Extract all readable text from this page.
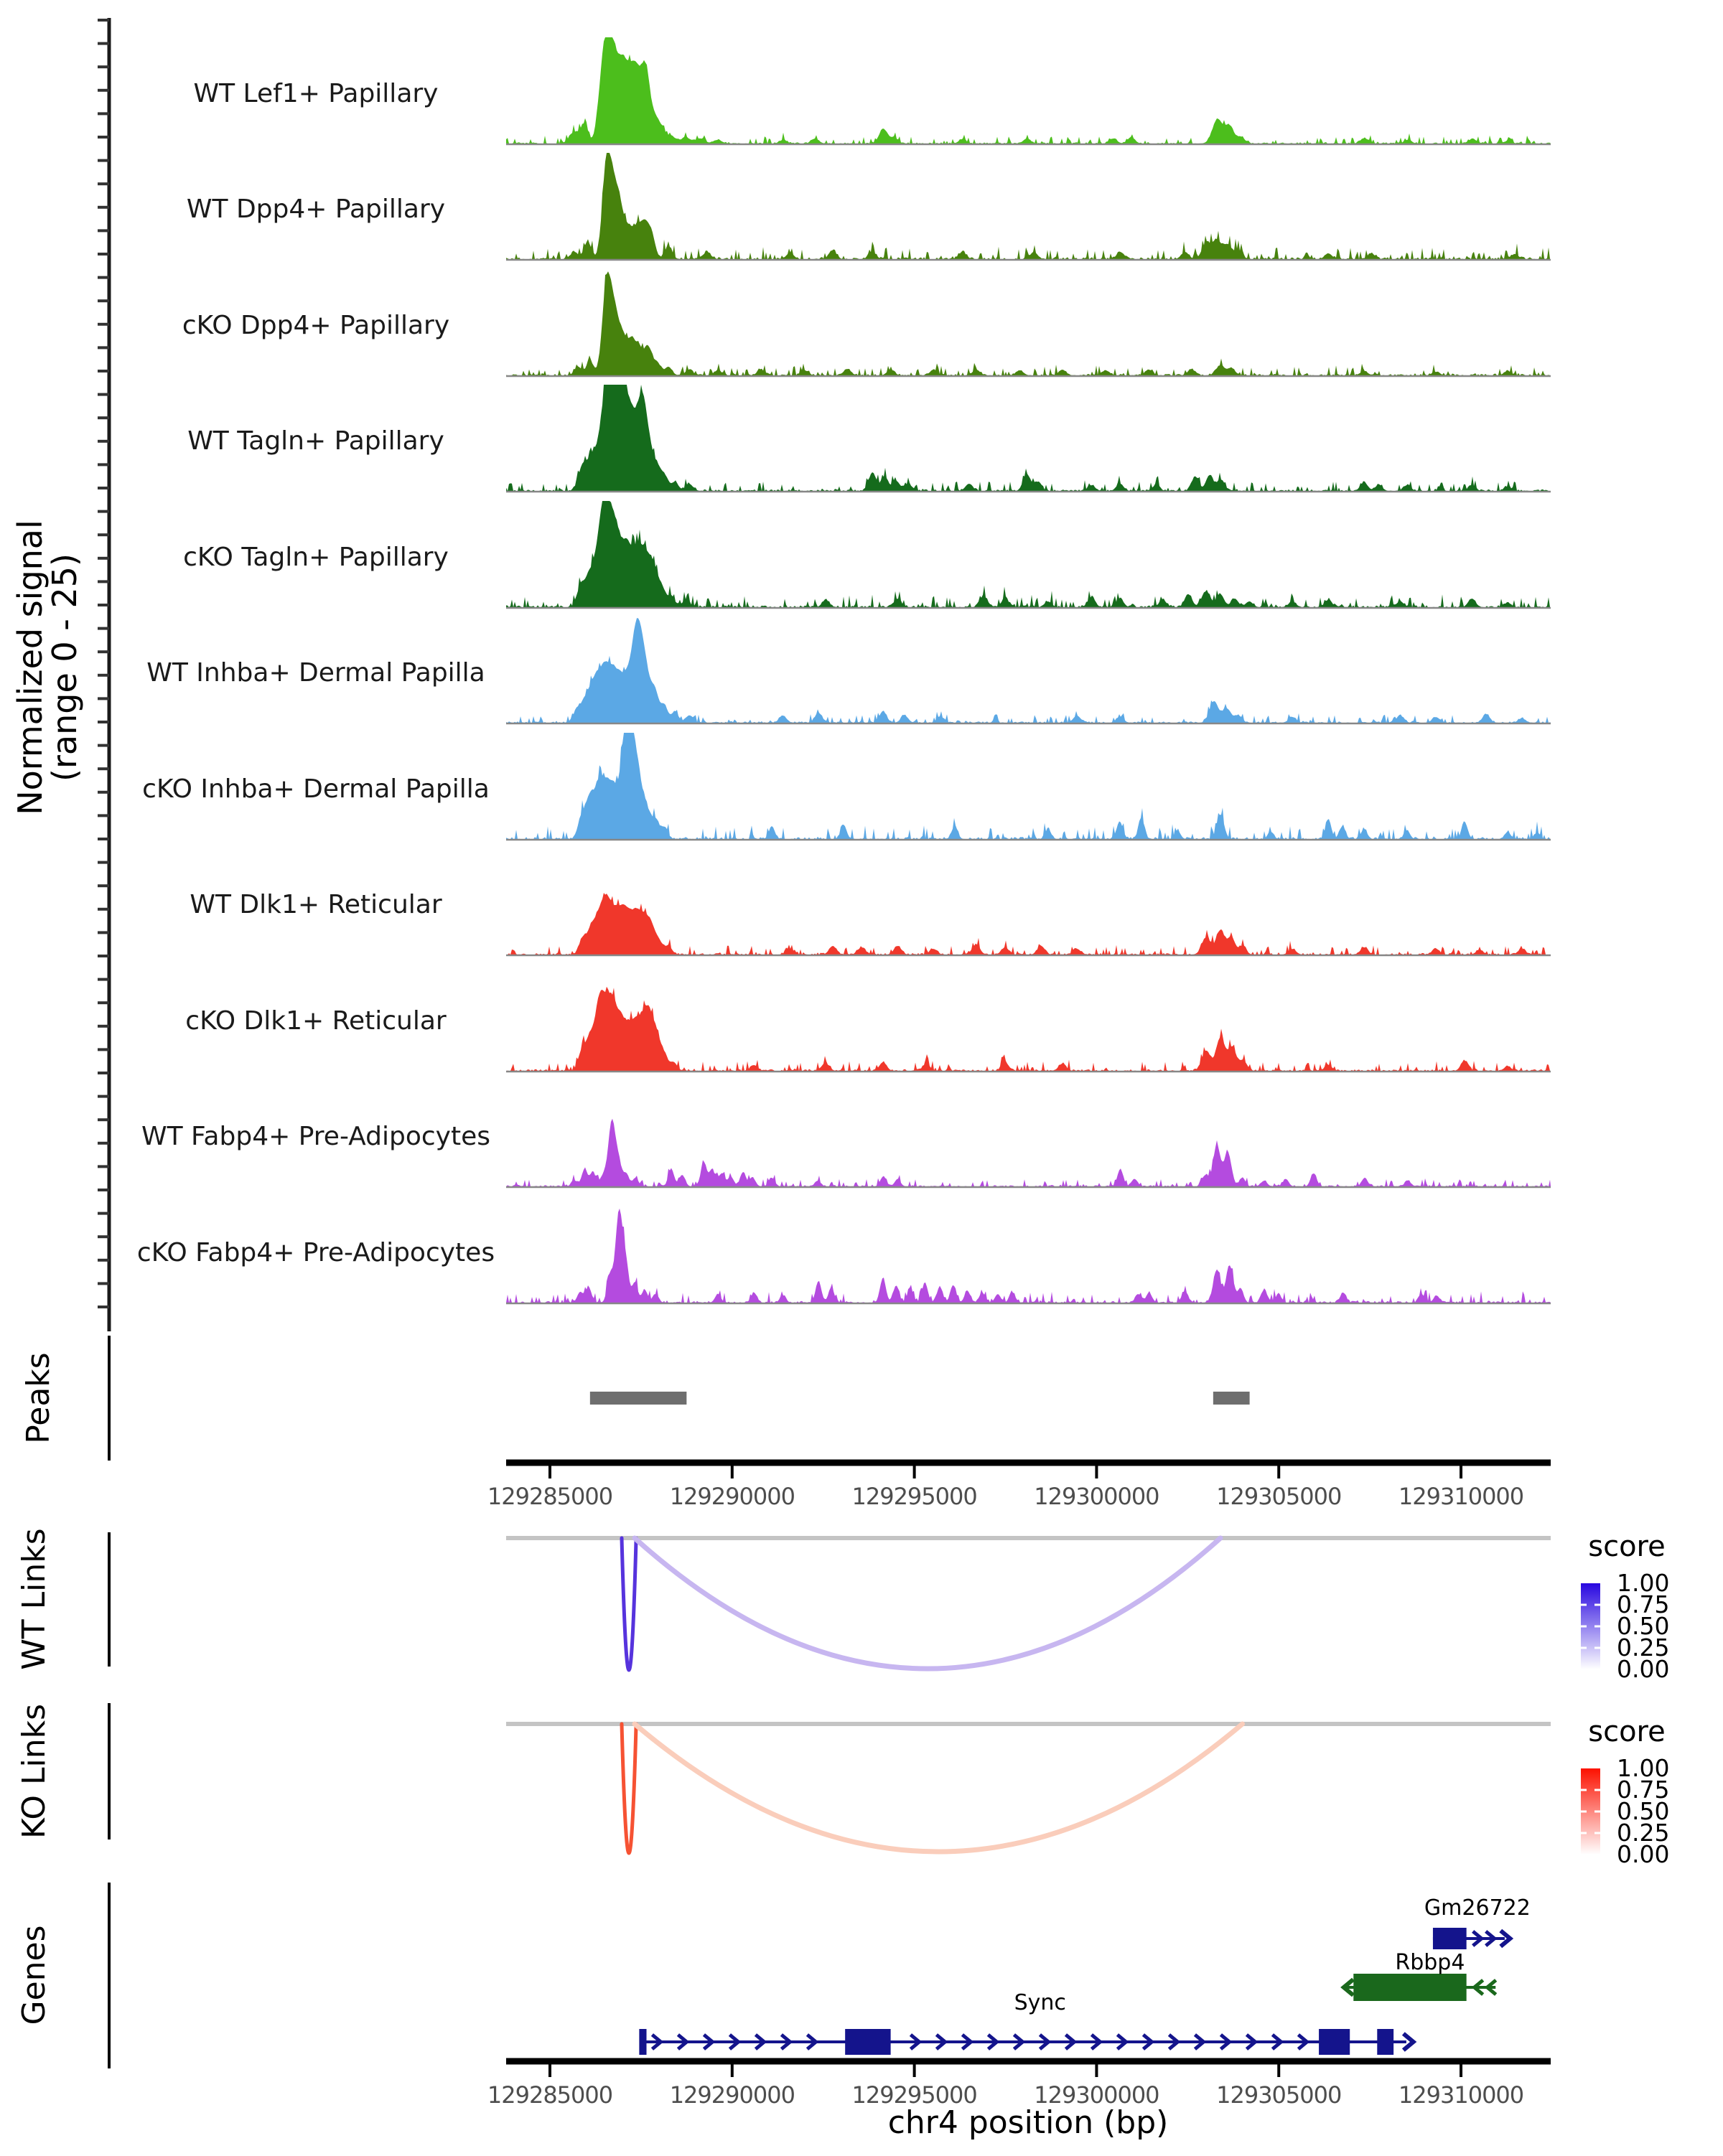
Normalized signal
(range 0 - 25)
Peaks
WT Links
KO Links
Genes
chr4 position (bp)
WT Lef1+ Papillary
WT Dpp4+ Papillary
cKO Dpp4+ Papillary
WT Tagln+ Papillary
cKO Tagln+ Papillary
WT Inhba+ Dermal Papilla
cKO Inhba+ Dermal Papilla
WT Dlk1+ Reticular
cKO Dlk1+ Reticular
WT Fabp4+ Pre-Adipocytes
cKO Fabp4+ Pre-Adipocytes
129285000 129290000 129295000 129300000 129305000 129310000
score
1.00
0.75
0.50
0.25
0.00
score
1.00
0.75
0.50
0.25
0.00
Gm26722
Rbbp4
Sync
129285000 129290000 129295000 129300000 129305000 129310000
